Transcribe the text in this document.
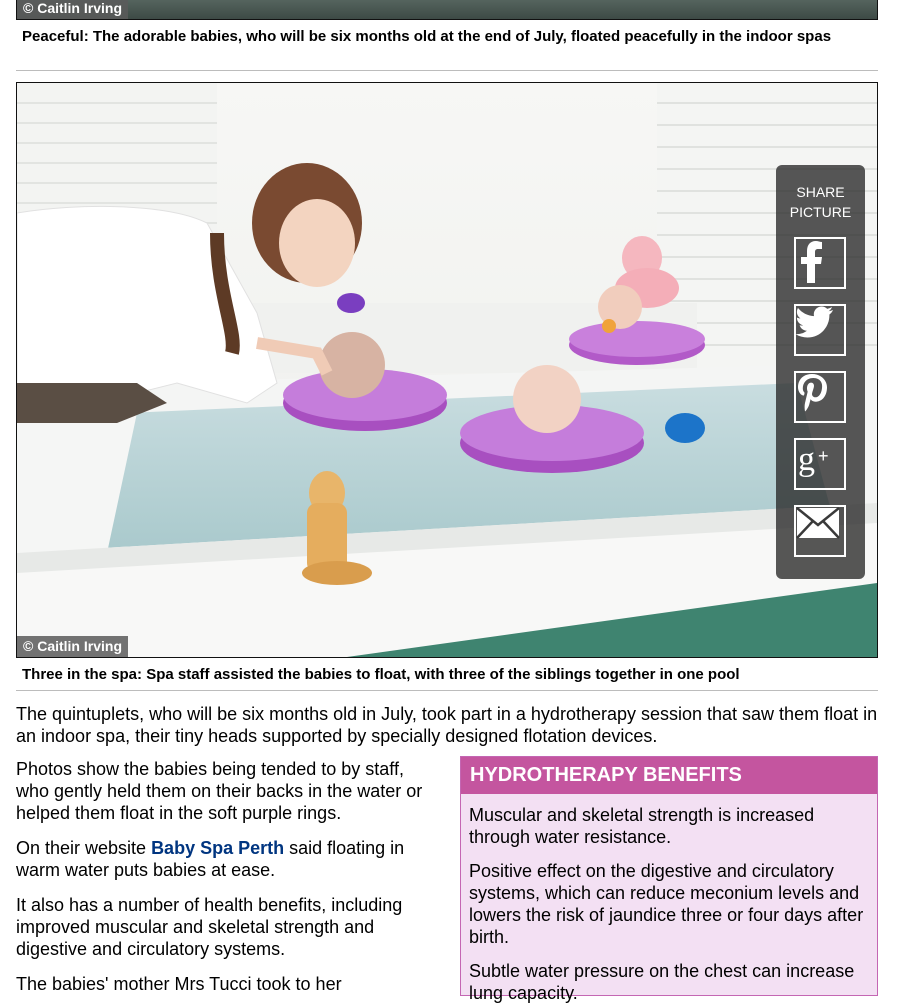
© Caitlin Irving
Peaceful: The adorable babies, who will be six months old at the end of July, floated peacefully in the indoor spas
© Caitlin Irving
SHARE
PICTURE
g +
Three in the spa: Spa staff assisted the babies to float, with three of the siblings together in one pool

The quintuplets, who will be six months old in July, took part in a hydrotherapy session that saw them float in an indoor spa, their tiny heads supported by specially designed flotation devices.

Photos show the babies being tended to by staff, who gently held them on their backs in the water or helped them float in the soft purple rings.

On their website Baby Spa Perth said floating in warm water puts babies at ease.

It also has a number of health benefits, including improved muscular and skeletal strength and digestive and circulatory systems.

The babies' mother Mrs Tucci took to her

HYDROTHERAPY BENEFITS

Muscular and skeletal strength is increased through water resistance.

Positive effect on the digestive and circulatory systems, which can reduce meconium levels and lowers the risk of jaundice three or four days after birth.

Subtle water pressure on the chest can increase lung capacity.
